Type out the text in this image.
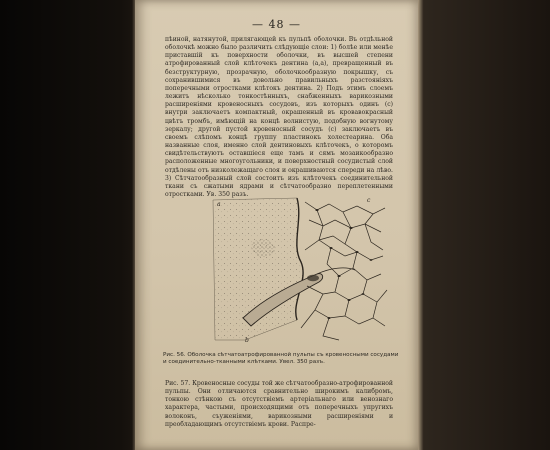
— 48 —

пѣиной, натянутой, прилягающей къ пульпѣ оболочки. Въ отдѣльной оболочкѣ можно было различить слѣдующіе слои: 1) болѣе или менѣе приставшій къ поверхности оболочки, въ высшей степени атрофированный слой клѣточекъ дентина (a,a), превращенный въ безструктурную, прозрачную, оболочкообразную покрышку, съ сохранившимися въ довольно правильныхъ разстояніяхъ поперечными отростками клѣтокъ дентина. 2) Подъ этимъ слоемъ лежитъ нѣсколько тонкостѣнныхъ, снабженныхъ варикозными расширеніями кровеносныхъ сосудовъ, изъ которыхъ одинъ (c) внутри заключаетъ компактный, окрашенный въ кровавокрасный цвѣтъ тромбъ, имѣющій на концѣ волнистую, подобную вогнутому зеркалу; другой пустой кровеносный сосудъ (c) заключаетъ въ своемъ слѣпомъ концѣ группу пластинокъ холестеарина. Оба названные слоя, именно слой дентиновыхъ клѣточекъ, о которомъ свидѣтельствуютъ оставшіеся еще тамъ и сямъ мозаикообразно расположенные многоугольники, и поверхностный сосудистый слой отдѣлены отъ низколежащаго слоя и окрашиваются спереди на лѣво. 3) Сѣтчатообразный слой состоитъ изъ клѣточекъ соединительной ткани съ сжатыми ядрами и сѣтчатообразно переплетенными отростками. Ув. 350 разъ.

a
c
b

Рис. 56. Оболочка сѣтчатоатрофированной пульпы съ кровеносными сосудами и соединительно-тканными клѣтками. Увел. 350 разъ.

Рис. 57. Кровеносные сосуды той же сѣтчатообразно-атрофированной пульпы. Они отличаются сравнительно широкимъ калибромъ, тонкою стѣнкою съ отсутствіемъ артеріальнаго или венознаго характера, частыми, происходящими отъ поперечныхъ упругихъ волоконъ, съуженіями, варикозными расширеніями и преобладающимъ отсутствіемъ крови. Распре-
